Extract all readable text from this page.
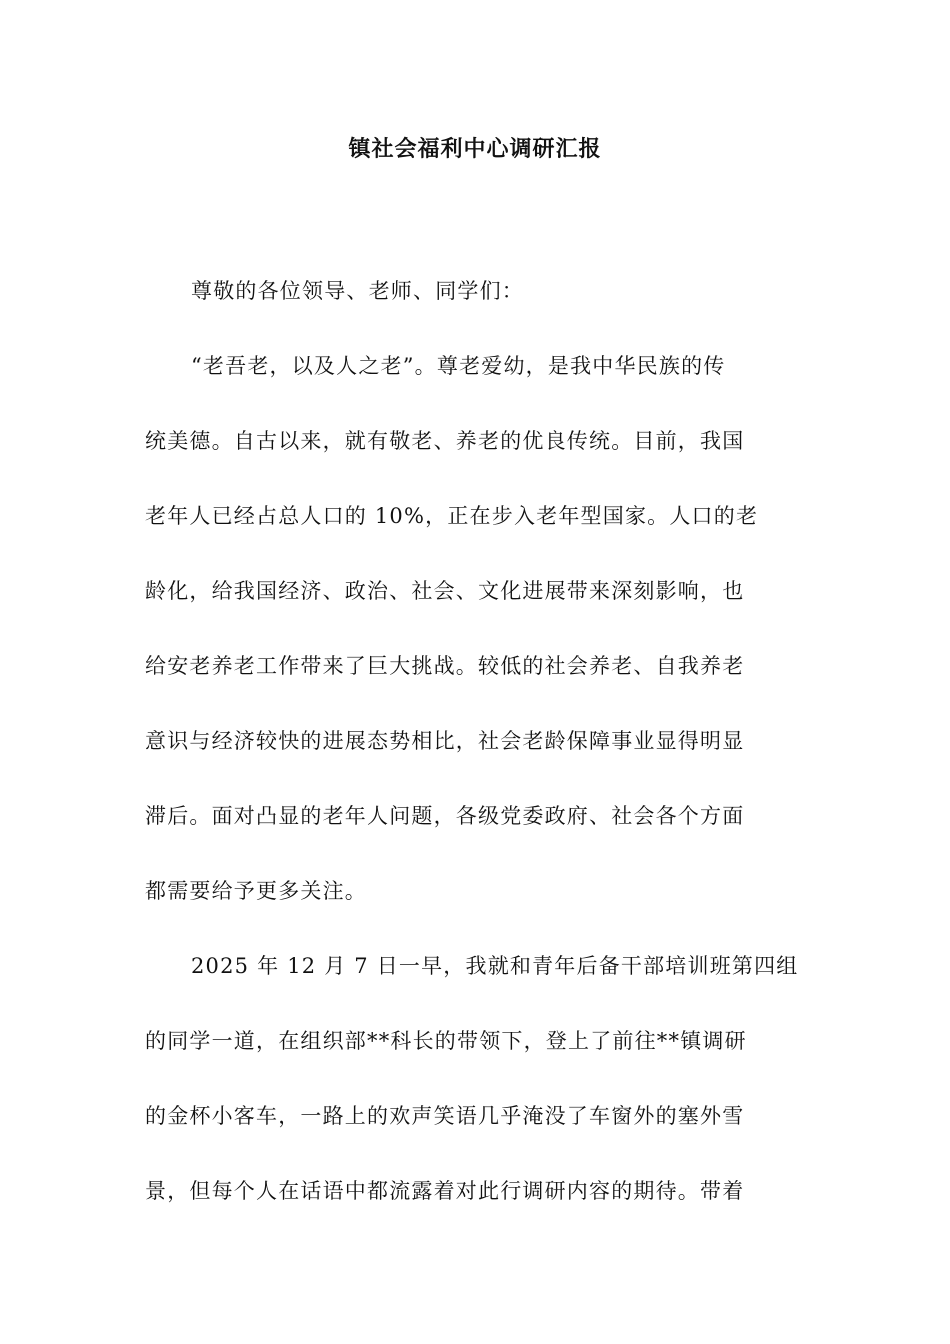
镇社会福利中心调研汇报
尊敬的各位领导、老师、同学们：
“老吾老，以及人之老”。尊老爱幼，是我中华民族的传
统美德。自古以来，就有敬老、养老的优良传统。目前，我国
老年人已经占总人口的 10%，正在步入老年型国家。人口的老
龄化，给我国经济、政治、社会、文化进展带来深刻影响，也
给安老养老工作带来了巨大挑战。较低的社会养老、自我养老
意识与经济较快的进展态势相比，社会老龄保障事业显得明显
滞后。面对凸显的老年人问题，各级党委政府、社会各个方面
都需要给予更多关注。
2025 年 12 月 7 日一早，我就和青年后备干部培训班第四组
的同学一道，在组织部**科长的带领下，登上了前往**镇调研
的金杯小客车，一路上的欢声笑语几乎淹没了车窗外的塞外雪
景，但每个人在话语中都流露着对此行调研内容的期待。带着
